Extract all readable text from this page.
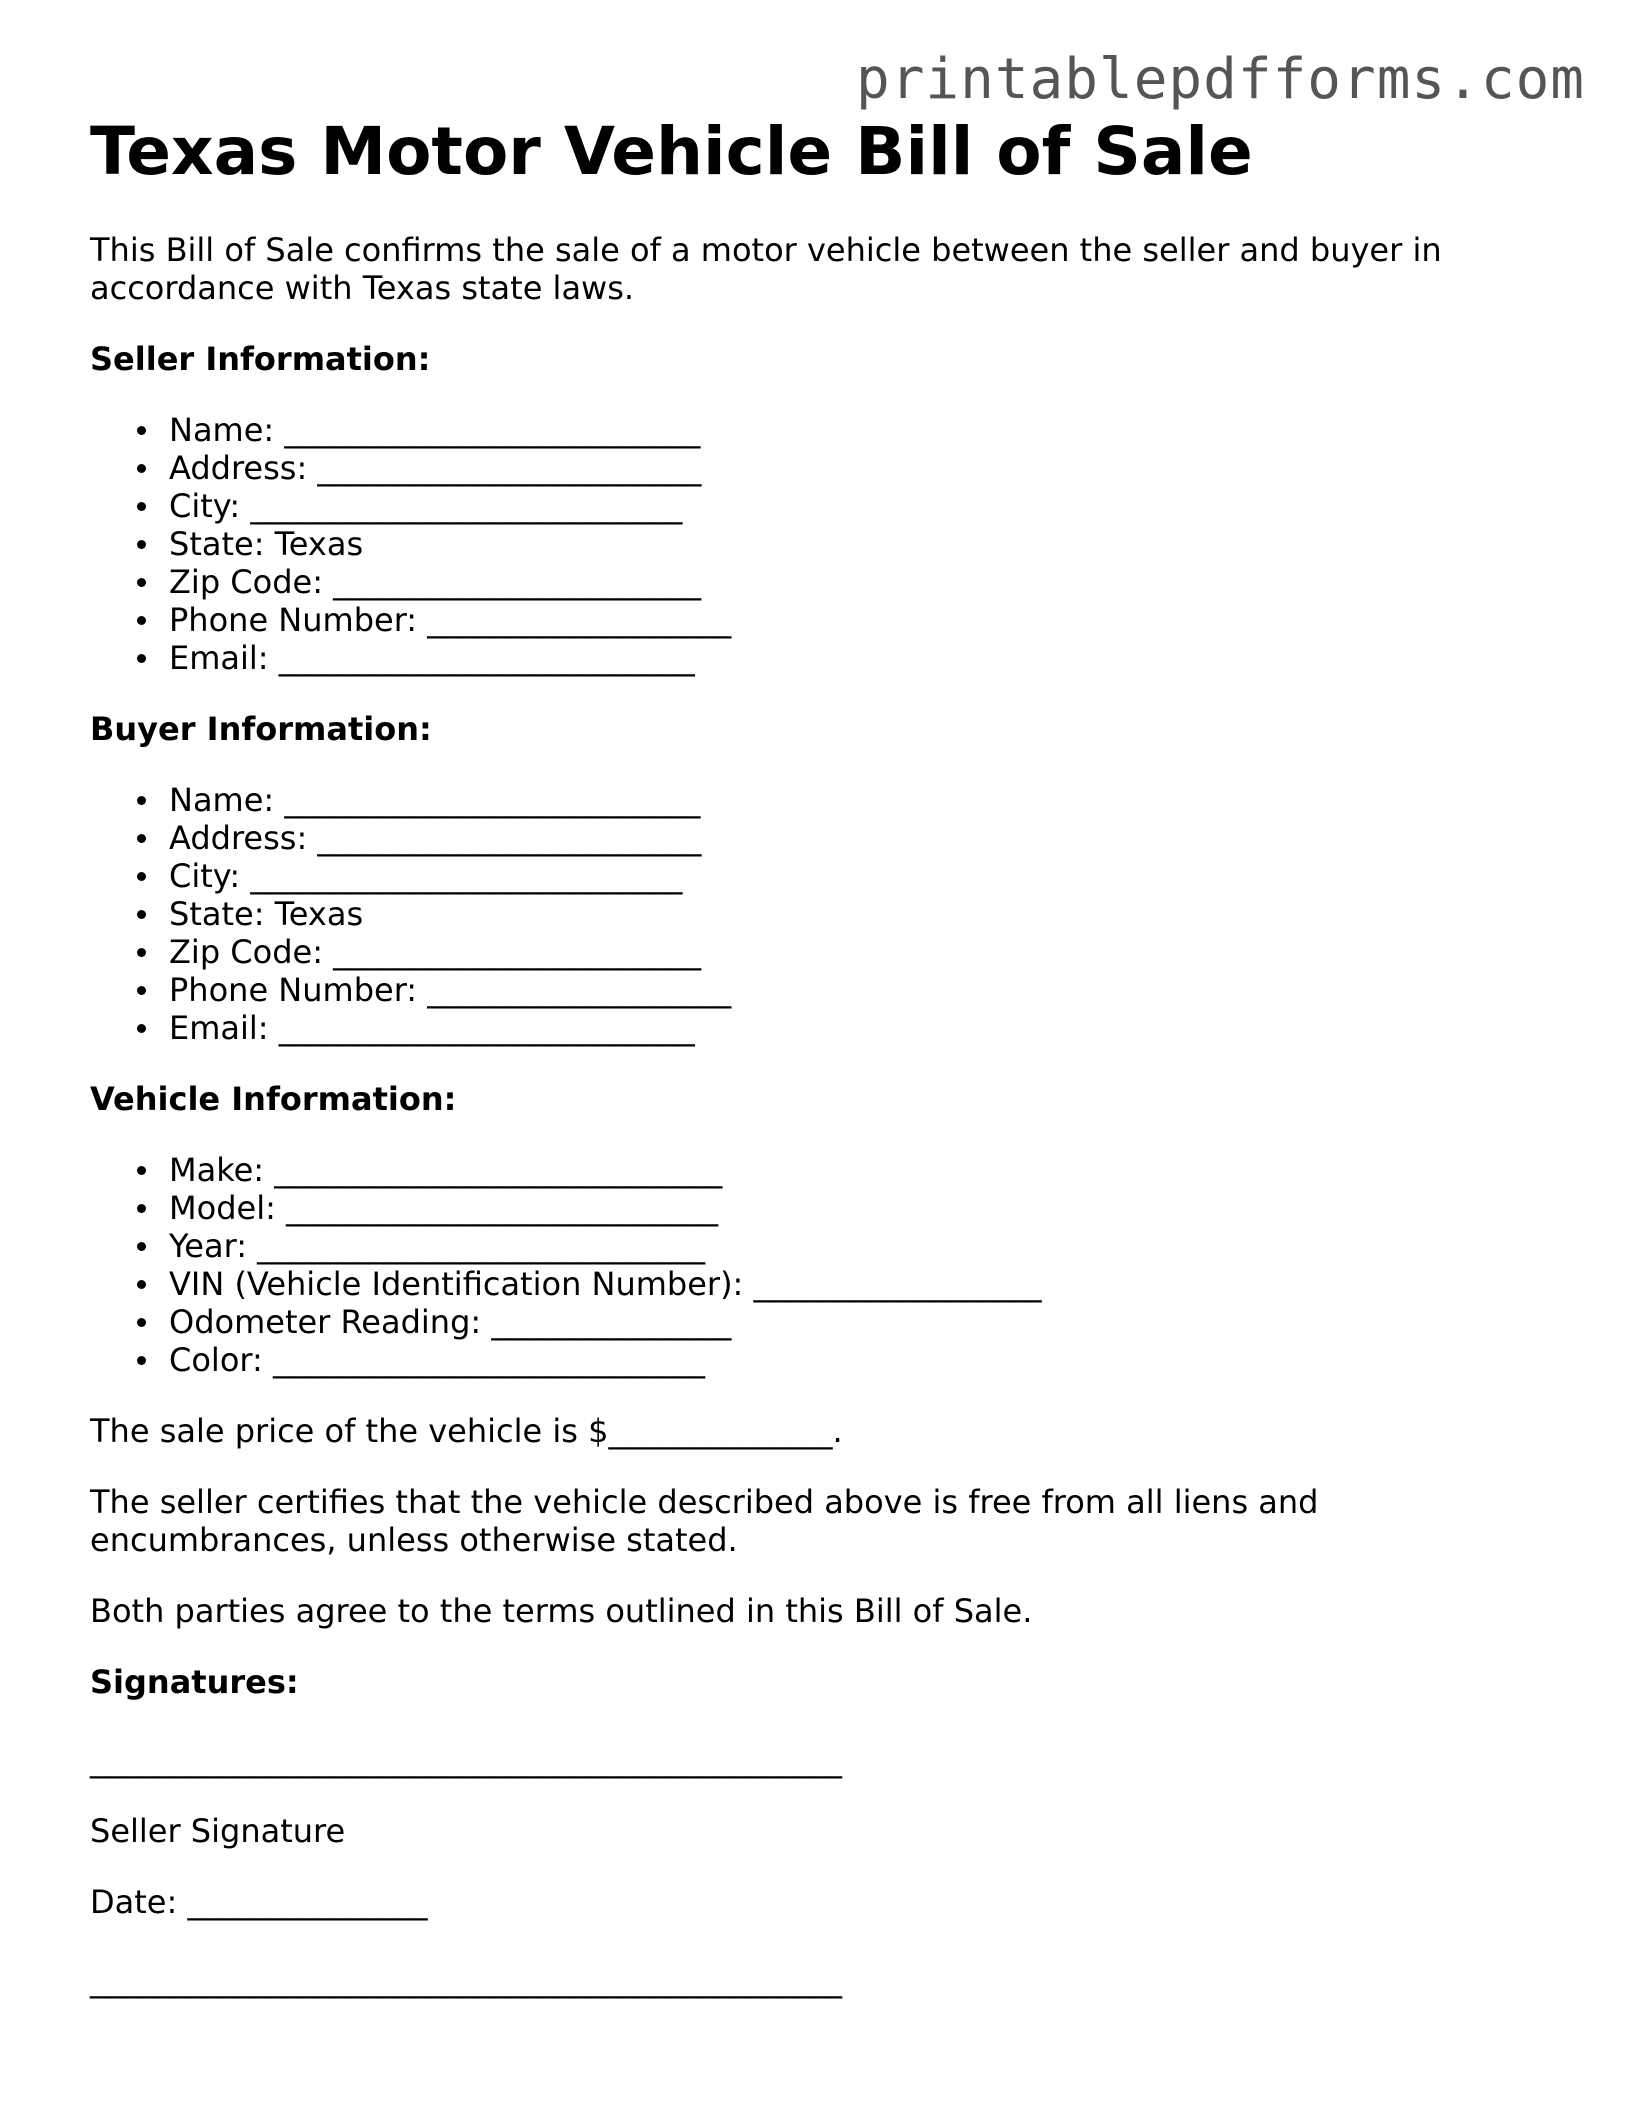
printablepdfforms.com
Texas Motor Vehicle Bill of Sale

This Bill of Sale confirms the sale of a motor vehicle between the seller and buyer in accordance with Texas state laws.

Seller Information:
Name: __________________________
Address: ________________________
City: ___________________________
State: Texas
Zip Code: _______________________
Phone Number: ___________________
Email: __________________________
Buyer Information:
Name: __________________________
Address: ________________________
City: ___________________________
State: Texas
Zip Code: _______________________
Phone Number: ___________________
Email: __________________________
Vehicle Information:
Make: ____________________________
Model: ___________________________
Year: ____________________________
VIN (Vehicle Identification Number): __________________
Odometer Reading: _______________
Color: ___________________________

The sale price of the vehicle is $______________.

The seller certifies that the vehicle described above is free from all liens and encumbrances, unless otherwise stated.

Both parties agree to the terms outlined in this Bill of Sale.

Signatures:
_______________________________________________

Seller Signature

Date: _______________

_______________________________________________
